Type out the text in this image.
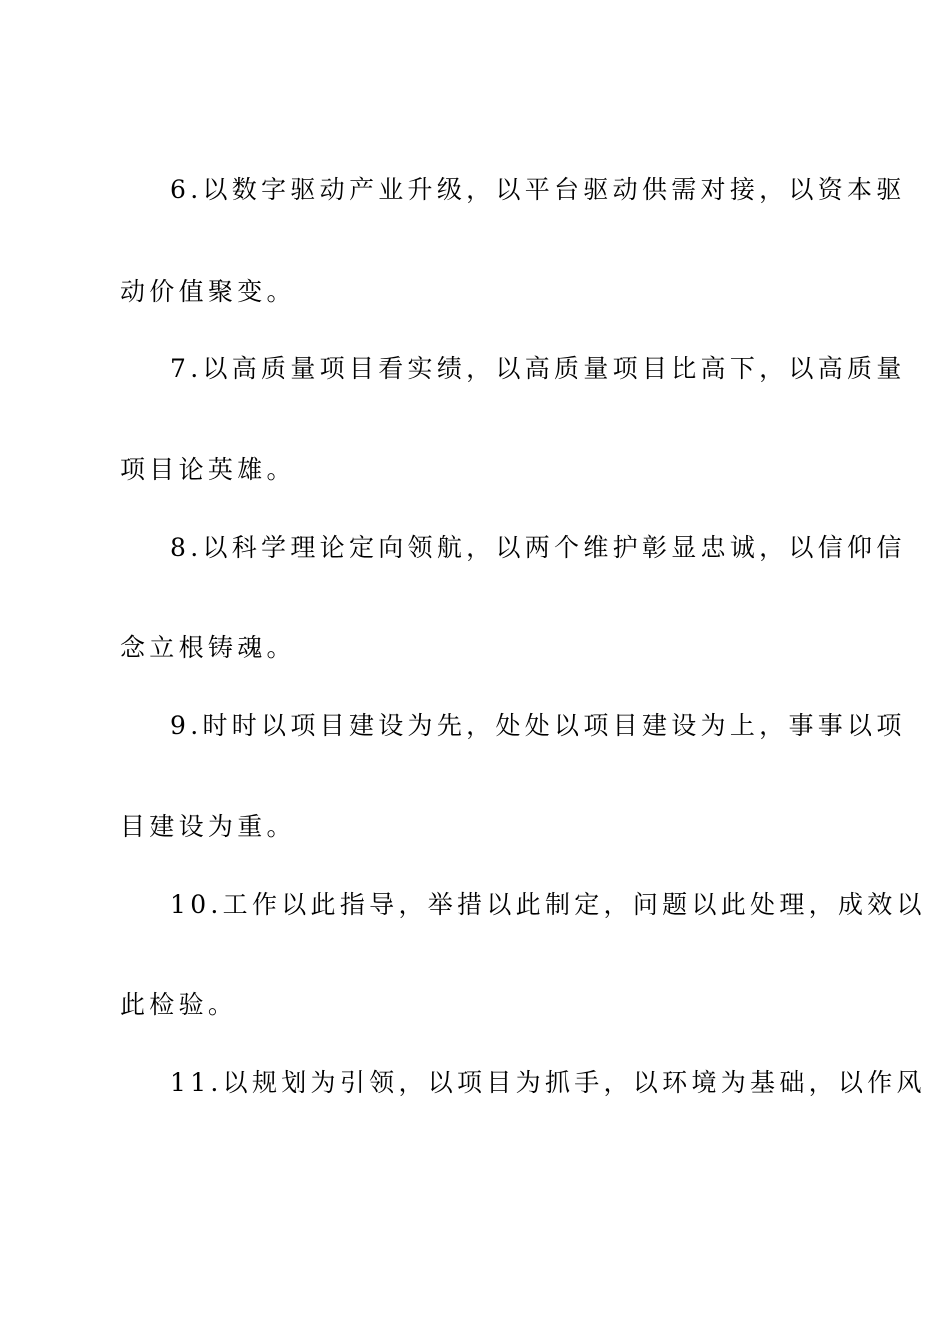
6.以数字驱动产业升级，以平台驱动供需对接，以资本驱
动价值聚变。
7.以高质量项目看实绩，以高质量项目比高下，以高质量
项目论英雄。
8.以科学理论定向领航，以两个维护彰显忠诚，以信仰信
念立根铸魂。
9.时时以项目建设为先，处处以项目建设为上，事事以项
目建设为重。
10.工作以此指导，举措以此制定，问题以此处理，成效以
此检验。
11.以规划为引领，以项目为抓手，以环境为基础，以作风
